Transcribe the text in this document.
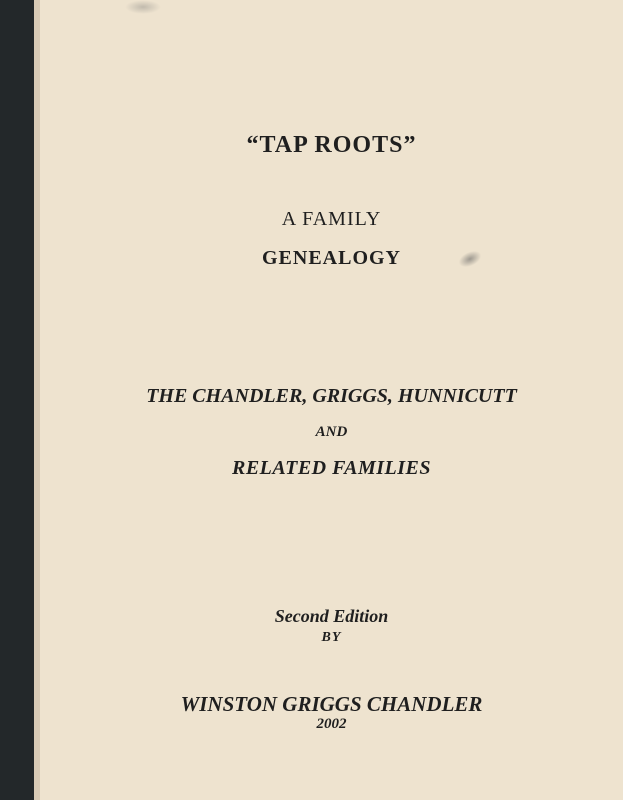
“TAP ROOTS”
A FAMILY
GENEALOGY
THE CHANDLER, GRIGGS, HUNNICUTT
AND
RELATED FAMILIES
Second Edition
BY
WINSTON GRIGGS CHANDLER
2002
